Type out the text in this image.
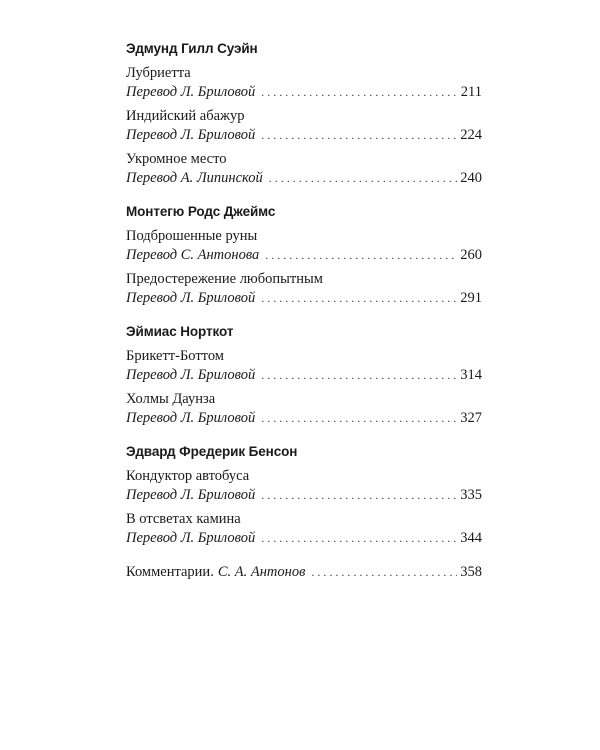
Эдмунд Гилл Суэйн
Лубриетта
Перевод Л. Бриловой . . .	211
Индийский абажур
Перевод Л. Бриловой . . .	224
Укромное место
Перевод А. Липинской . . .	240
Монтегю Родс Джеймс
Подброшенные руны
Перевод С. Антонова . . .	260
Предостережение любопытным
Перевод Л. Бриловой . . .	291
Эймиас Норткот
Брикетт-Боттом
Перевод Л. Бриловой . . .	314
Холмы Даунза
Перевод Л. Бриловой . . .	327
Эдвард Фредерик Бенсон
Кондуктор автобуса
Перевод Л. Бриловой . . .	335
В отсветах камина
Перевод Л. Бриловой . . .	344
Комментарии. С. А. Антонов . . .	358
